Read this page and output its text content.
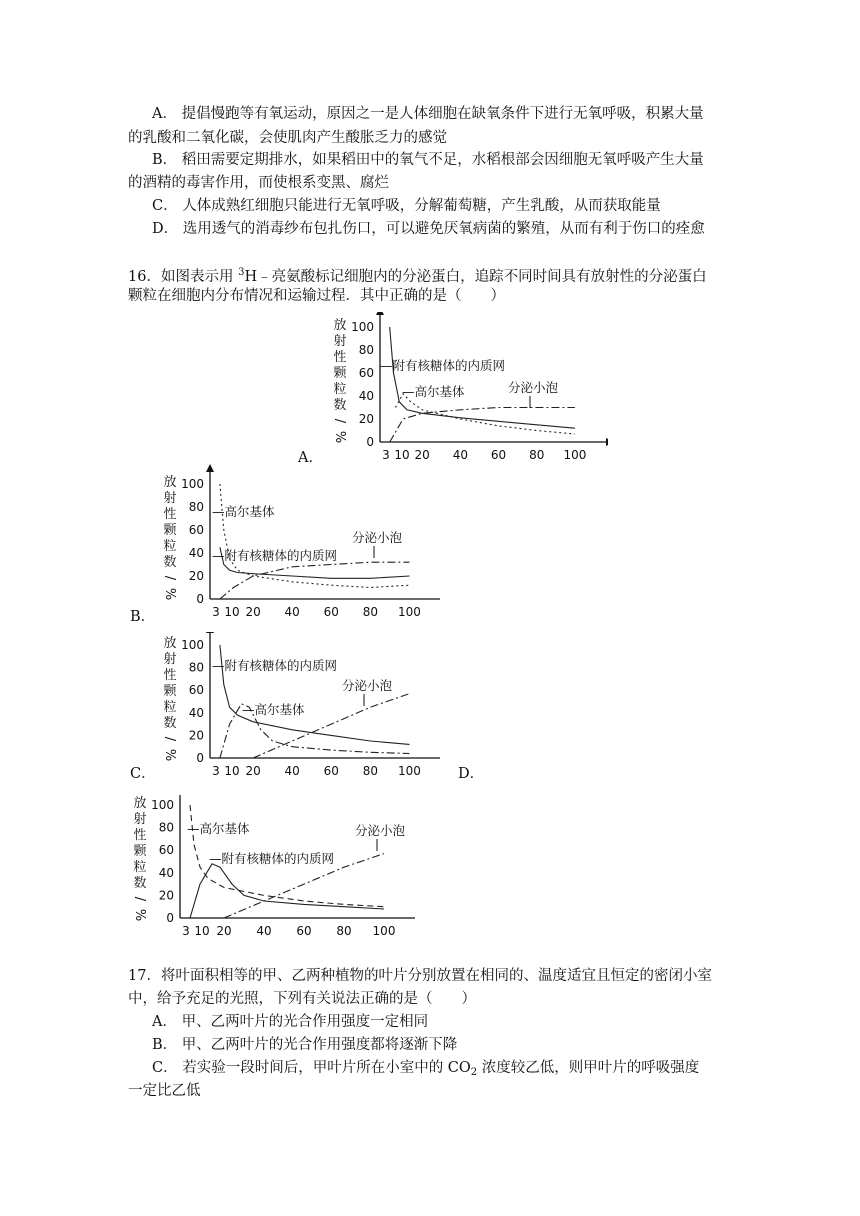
A． 提倡慢跑等有氧运动，原因之一是人体细胞在缺氧条件下进行无氧呼吸，积累大量
的乳酸和二氧化碳，会使肌肉产生酸胀乏力的感觉
B． 稻田需要定期排水，如果稻田中的氧气不足，水稻根部会因细胞无氧呼吸产生大量
的酒精的毒害作用，而使根系变黑、腐烂
C． 人体成熟红细胞只能进行无氧呼吸，分解葡萄糖，产生乳酸，从而获取能量
D． 选用透气的消毒纱布包扎伤口，可以避免厌氧病菌的繁殖，从而有利于伤口的痊愈
16．如图表示用 $^3$H﹣亮氨酸标记细胞内的分泌蛋白，追踪不同时间具有放射性的分泌蛋白
颗粒在细胞内分布情况和运输过程．其中正确的是（　　）
A．
B．
C．	D．
0
20
40
60
80
100
3 10 20 40 60 80 100
放
射
性
颗
粒
数
/
%
—附有核糖体的内质网
—高尔基体	分泌小泡
0
20
40
60
80
100
3 10 20 40 60 80 100
放
射
性
颗
粒
数
/
%
—高尔基体
—附有核糖体的内质网
分泌小泡
0
20
40
60
80
100
3 10 20 40 60 80 100
放
射
性
颗
粒
数
/
%
—附有核糖体的内质网
—高尔基体
分泌小泡
0
20
40
60
80
100
3 10 20 40 60 80 100
放
射
性
颗
粒
数
/
%
—高尔基体
—附有核糖体的内质网
分泌小泡
17．将叶面积相等的甲、乙两种植物的叶片分别放置在相同的、温度适宜且恒定的密闭小室
中，给予充足的光照，下列有关说法正确的是（　　）
A． 甲、乙两叶片的光合作用强度一定相同
B． 甲、乙两叶片的光合作用强度都将逐渐下降
C． 若实验一段时间后，甲叶片所在小室中的 $CO_2$ 浓度较乙低，则甲叶片的呼吸强度
一定比乙低
